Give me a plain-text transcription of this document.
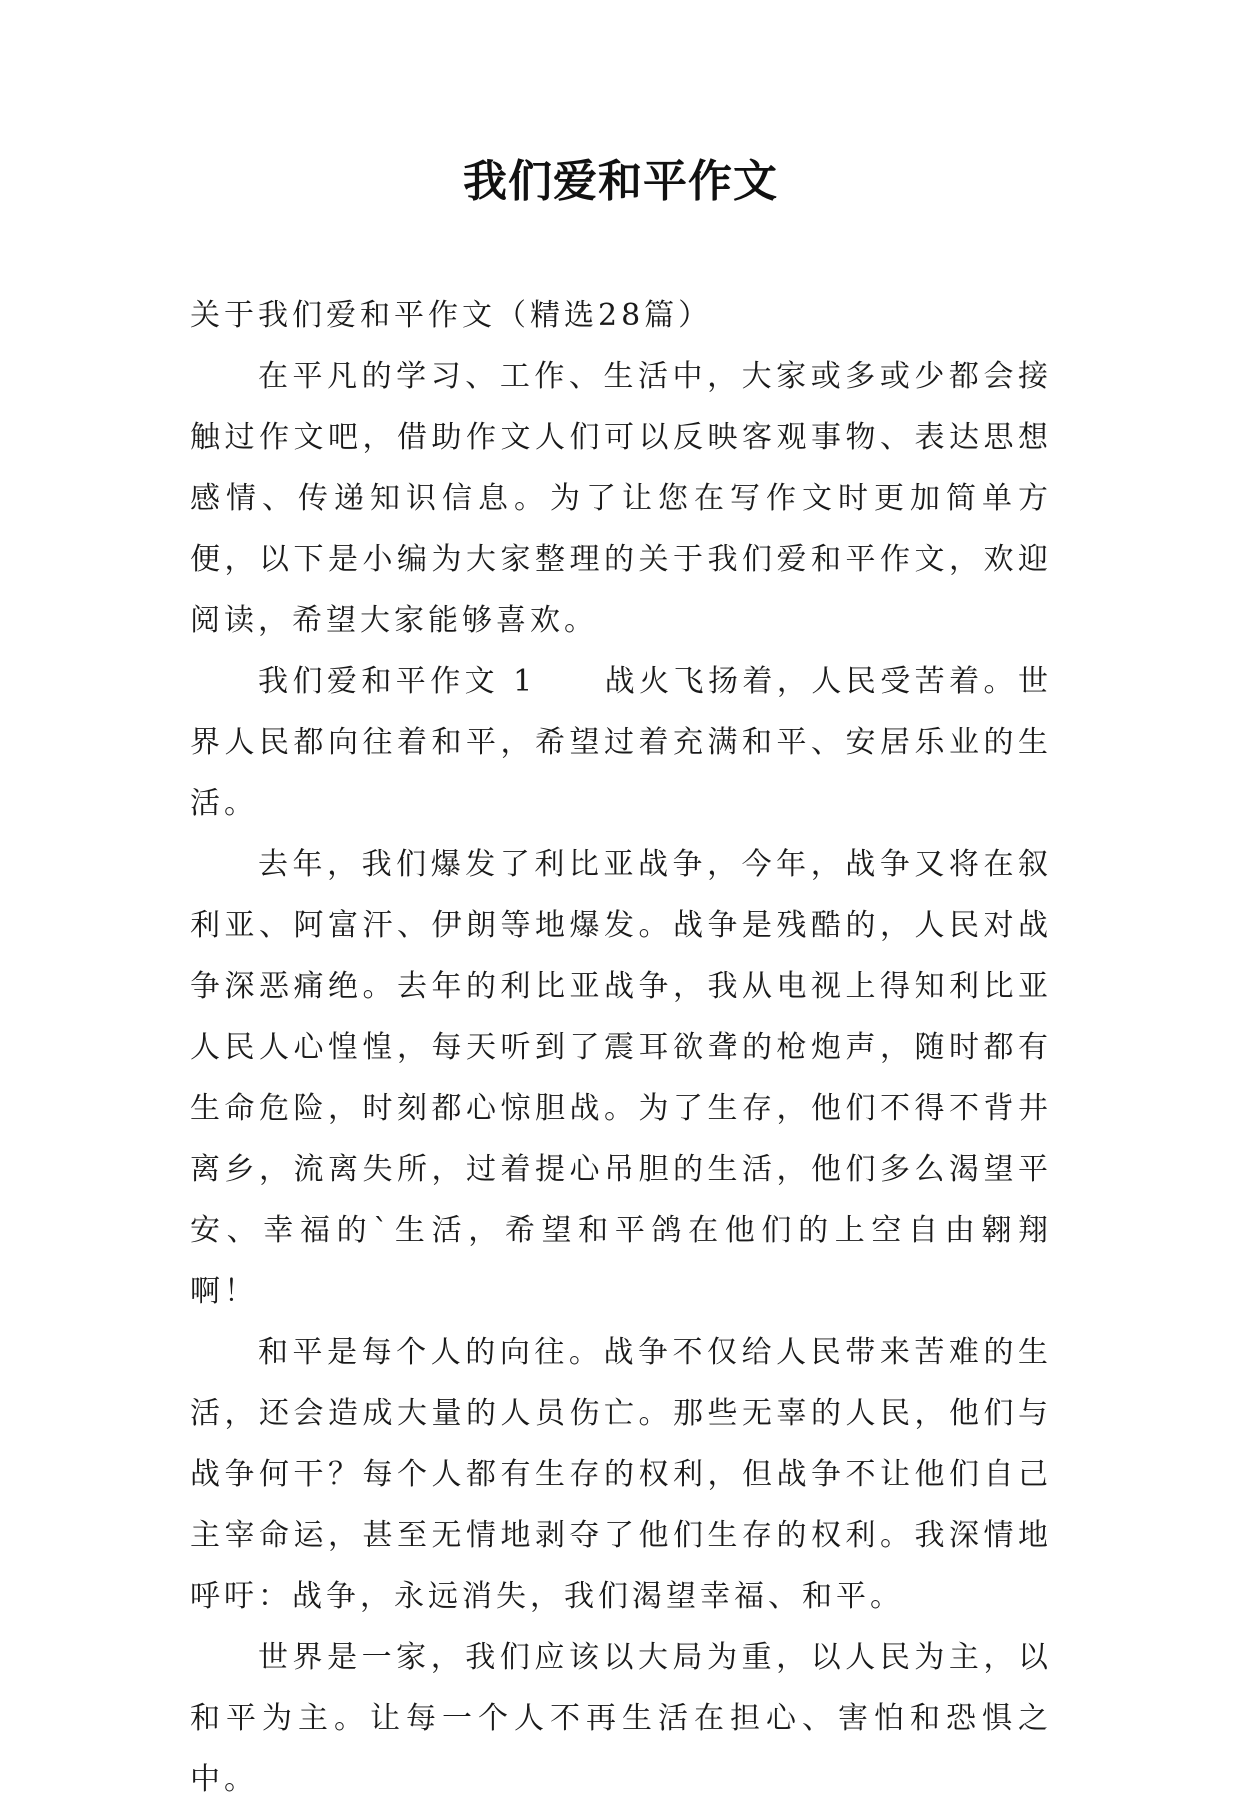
我们爱和平作文

关于我们爱和平作文（精选28篇）

在平凡的学习、工作、生活中，大家或多或少都会接触过作文吧，借助作文人们可以反映客观事物、表达思想感情、传递知识信息。为了让您在写作文时更加简单方便，以下是小编为大家整理的关于我们爱和平作文，欢迎阅读，希望大家能够喜欢。

我们爱和平作文 1 战火飞扬着，人民受苦着。世界人民都向往着和平，希望过着充满和平、安居乐业的生活。

去年，我们爆发了利比亚战争，今年，战争又将在叙利亚、阿富汗、伊朗等地爆发。战争是残酷的，人民对战争深恶痛绝。去年的利比亚战争，我从电视上得知利比亚人民人心惶惶，每天听到了震耳欲聋的枪炮声，随时都有生命危险，时刻都心惊胆战。为了生存，他们不得不背井离乡，流离失所，过着提心吊胆的生活，他们多么渴望平安、幸福的`生活，希望和平鸽在他们的上空自由翱翔啊！

和平是每个人的向往。战争不仅给人民带来苦难的生活，还会造成大量的人员伤亡。那些无辜的人民，他们与战争何干？每个人都有生存的权利，但战争不让他们自己主宰命运，甚至无情地剥夺了他们生存的权利。我深情地呼吁：战争，永远消失，我们渴望幸福、和平。

世界是一家，我们应该以大局为重，以人民为主，以和平为主。让每一个人不再生活在担心、害怕和恐惧之中。
